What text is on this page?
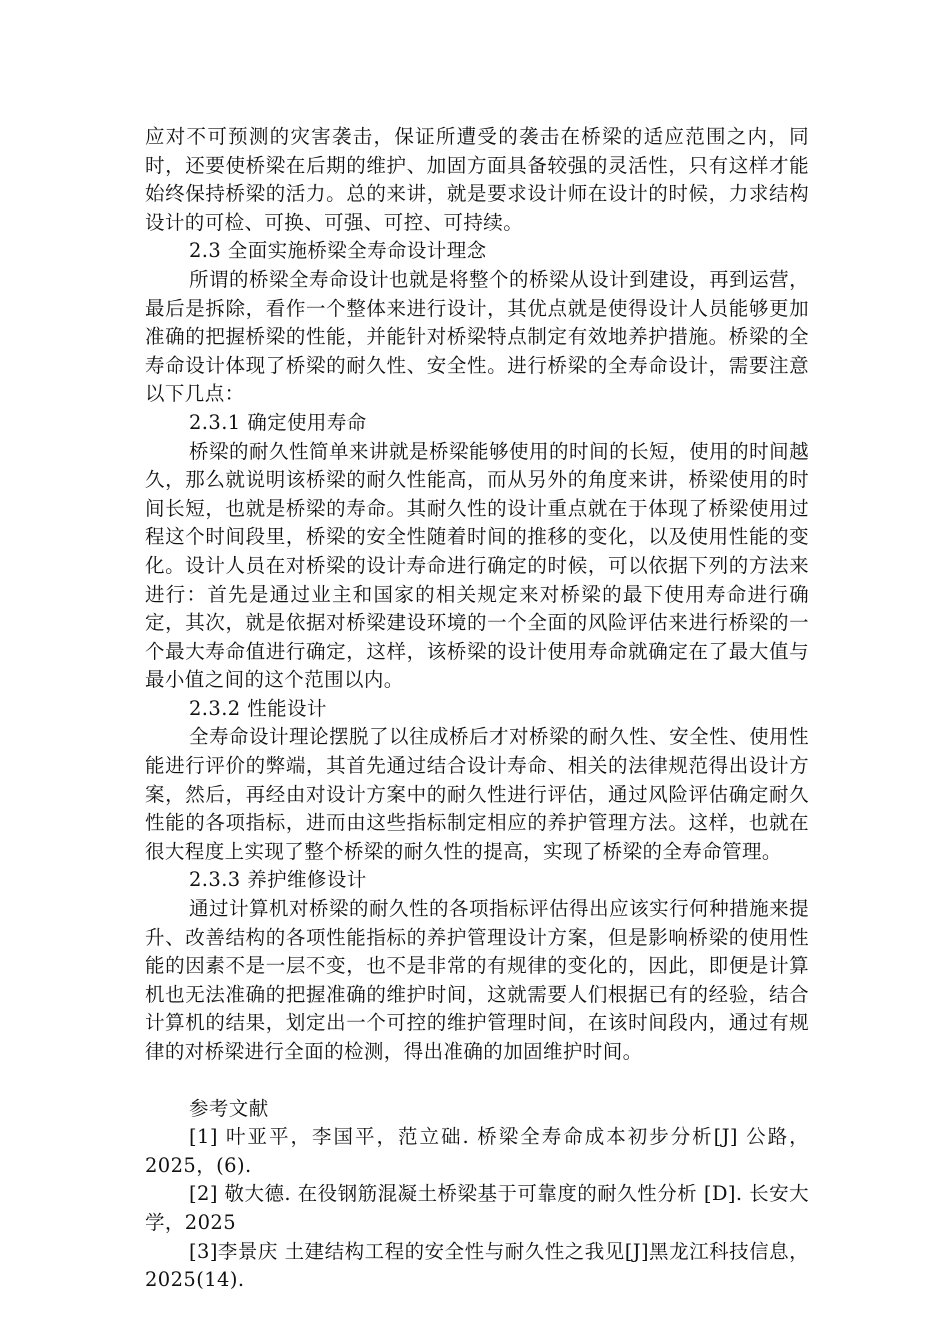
应对不可预测的灾害袭击，保证所遭受的袭击在桥梁的适应范围之内，同时，还要使桥梁在后期的维护、加固方面具备较强的灵活性，只有这样才能始终保持桥梁的活力。总的来讲，就是要求设计师在设计的时候，力求结构设计的可检、可换、可强、可控、可持续。

2.3 全面实施桥梁全寿命设计理念

所谓的桥梁全寿命设计也就是将整个的桥梁从设计到建设，再到运营，最后是拆除，看作一个整体来进行设计，其优点就是使得设计人员能够更加准确的把握桥梁的性能，并能针对桥梁特点制定有效地养护措施。桥梁的全寿命设计体现了桥梁的耐久性、安全性。进行桥梁的全寿命设计，需要注意以下几点：

2.3.1 确定使用寿命

桥梁的耐久性简单来讲就是桥梁能够使用的时间的长短，使用的时间越久，那么就说明该桥梁的耐久性能高，而从另外的角度来讲，桥梁使用的时间长短，也就是桥梁的寿命。其耐久性的设计重点就在于体现了桥梁使用过程这个时间段里，桥梁的安全性随着时间的推移的变化，以及使用性能的变化。设计人员在对桥梁的设计寿命进行确定的时候，可以依据下列的方法来进行：首先是通过业主和国家的相关规定来对桥梁的最下使用寿命进行确定，其次，就是依据对桥梁建设环境的一个全面的风险评估来进行桥梁的一个最大寿命值进行确定，这样，该桥梁的设计使用寿命就确定在了最大值与最小值之间的这个范围以内。

2.3.2 性能设计

全寿命设计理论摆脱了以往成桥后才对桥梁的耐久性、安全性、使用性能进行评价的弊端，其首先通过结合设计寿命、相关的法律规范得出设计方案，然后，再经由对设计方案中的耐久性进行评估，通过风险评估确定耐久性能的各项指标，进而由这些指标制定相应的养护管理方法。这样，也就在很大程度上实现了整个桥梁的耐久性的提高，实现了桥梁的全寿命管理。

2.3.3 养护维修设计

通过计算机对桥梁的耐久性的各项指标评估得出应该实行何种措施来提升、改善结构的各项性能指标的养护管理设计方案，但是影响桥梁的使用性能的因素不是一层不变，也不是非常的有规律的变化的，因此，即便是计算机也无法准确的把握准确的维护时间，这就需要人们根据已有的经验，结合计算机的结果，划定出一个可控的维护管理时间，在该时间段内，通过有规律的对桥梁进行全面的检测，得出准确的加固维护时间。

参考文献

[1] 叶亚平，李国平，范立础. 桥梁全寿命成本初步分析[J] 公路，2025，(6).

[2] 敬大德. 在役钢筋混凝土桥梁基于可靠度的耐久性分析 [D]. 长安大学，2025

[3]李景庆 土建结构工程的安全性与耐久性之我见[J]黑龙江科技信息，2025(14).
